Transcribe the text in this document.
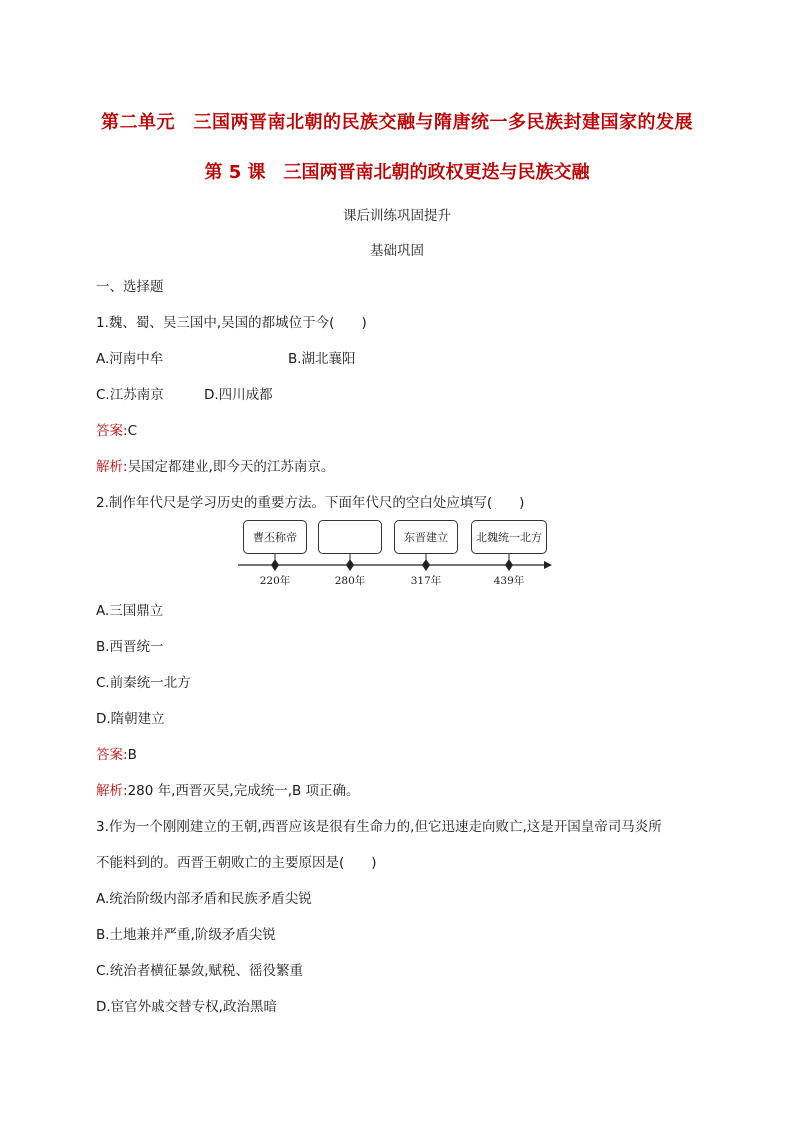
第二单元　三国两晋南北朝的民族交融与隋唐统一多民族封建国家的发展
第 5 课　三国两晋南北朝的政权更迭与民族交融
课后训练巩固提升
基础巩固
一、选择题
1.魏、蜀、吴三国中,吴国的都城位于今(　　)
A.河南中牟	B.湖北襄阳
C.江苏南京	D.四川成都
答案:C
解析:吴国定都建业,即今天的江苏南京。
2.制作年代尺是学习历史的重要方法。下面年代尺的空白处应填写(　　)
曹丕称帝	东晋建立	北魏统一北方
220年	280年	317年	439年
A.三国鼎立
B.西晋统一
C.前秦统一北方
D.隋朝建立
答案:B
解析:280 年,西晋灭吴,完成统一,B 项正确。
3.作为一个刚刚建立的王朝,西晋应该是很有生命力的,但它迅速走向败亡,这是开国皇帝司马炎所
不能料到的。西晋王朝败亡的主要原因是(　　)
A.统治阶级内部矛盾和民族矛盾尖锐
B.土地兼并严重,阶级矛盾尖锐
C.统治者横征暴敛,赋税、徭役繁重
D.宦官外戚交替专权,政治黑暗
